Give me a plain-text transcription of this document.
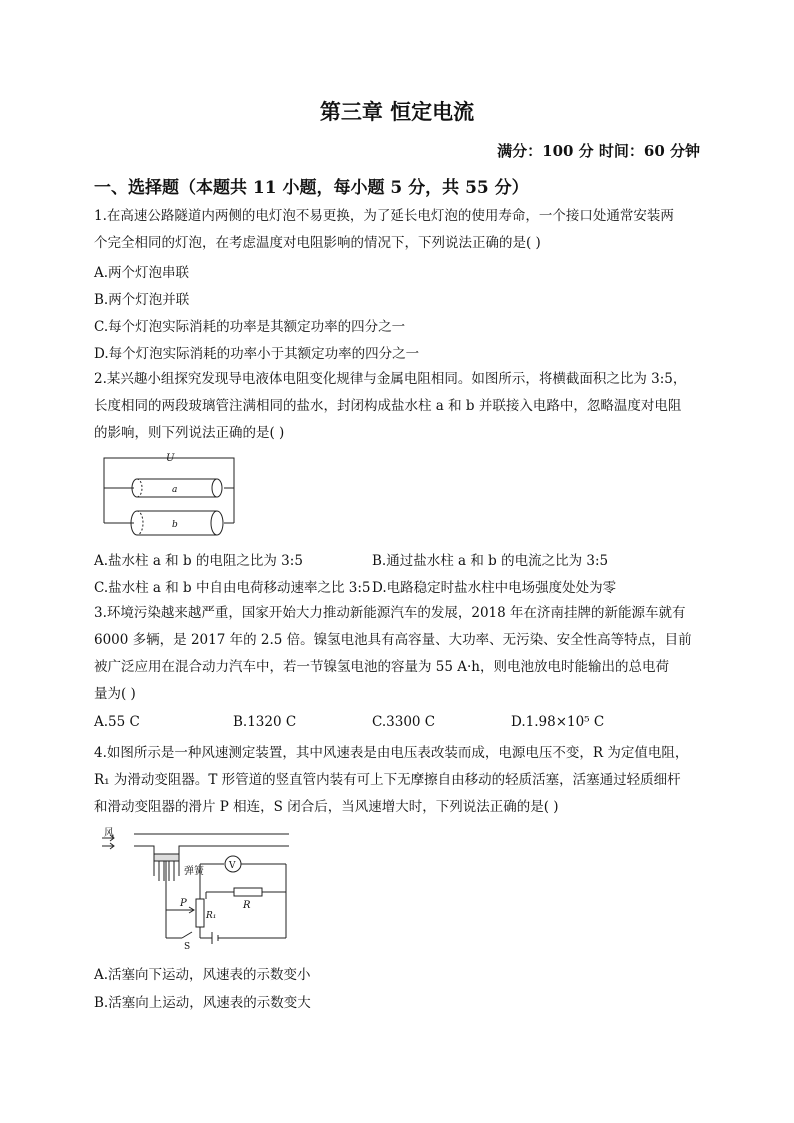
第三章 恒定电流
满分：100 分 时间：60 分钟
一、选择题（本题共 11 小题，每小题 5 分，共 55 分）
1.在高速公路隧道内两侧的电灯泡不易更换，为了延长电灯泡的使用寿命，一个接口处通常安装两
个完全相同的灯泡，在考虑温度对电阻影响的情况下，下列说法正确的是( )
A.两个灯泡串联
B.两个灯泡并联
C.每个灯泡实际消耗的功率是其额定功率的四分之一
D.每个灯泡实际消耗的功率小于其额定功率的四分之一
2.某兴趣小组探究发现导电液体电阻变化规律与金属电阻相同。如图所示，将横截面积之比为 3:5，
长度相同的两段玻璃管注满相同的盐水，封闭构成盐水柱 a 和 b 并联接入电路中，忽略温度对电阻
的影响，则下列说法正确的是( )
U
a
b
A.盐水柱 a 和 b 的电阻之比为 3:5	B.通过盐水柱 a 和 b 的电流之比为 3:5
C.盐水柱 a 和 b 中自由电荷移动速率之比 3:5 D.电路稳定时盐水柱中电场强度处处为零
3.环境污染越来越严重，国家开始大力推动新能源汽车的发展，2018 年在济南挂牌的新能源车就有
6000 多辆，是 2017 年的 2.5 倍。镍氢电池具有高容量、大功率、无污染、安全性高等特点，目前
被广泛应用在混合动力汽车中，若一节镍氢电池的容量为 55 A·h，则电池放电时能输出的总电荷
量为( )
A.55 C	B.1320 C	C.3300 C	D.1.98×10⁵ C
4.如图所示是一种风速测定装置，其中风速表是由电压表改装而成，电源电压不变，R 为定值电阻，
R₁ 为滑动变阻器。T 形管道的竖直管内装有可上下无摩擦自由移动的轻质活塞，活塞通过轻质细杆
和滑动变阻器的滑片 P 相连，S 闭合后，当风速增大时，下列说法正确的是( )
风
弹簧	V
R
R₁
P
S
A.活塞向下运动，风速表的示数变小
B.活塞向上运动，风速表的示数变大
